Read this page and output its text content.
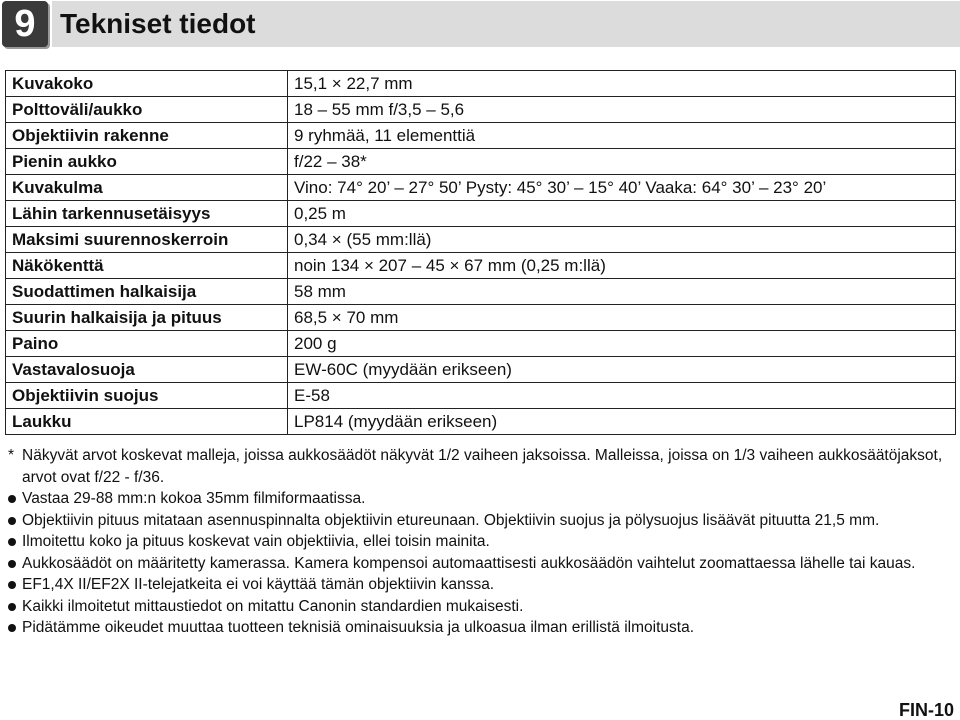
9 Tekniset tiedot
Kuvakoko	15,1 × 22,7 mm
Polttoväli/aukko	18 – 55 mm f/3,5 – 5,6
Objektiivin rakenne	9 ryhmää, 11 elementtiä
Pienin aukko	f/22 – 38*
Kuvakulma	Vino: 74° 20’ – 27° 50’ Pysty: 45° 30’ – 15° 40’ Vaaka: 64° 30’ – 23° 20’
Lähin tarkennusetäisyys	0,25 m
Maksimi suurennoskerroin	0,34 × (55 mm:llä)
Näkökenttä	noin 134 × 207 – 45 × 67 mm (0,25 m:llä)
Suodattimen halkaisija	58 mm
Suurin halkaisija ja pituus	68,5 × 70 mm
Paino	200 g
Vastavalosuoja	EW-60C (myydään erikseen)
Objektiivin suojus	E-58
Laukku	LP814 (myydään erikseen)
* Näkyvät arvot koskevat malleja, joissa aukkosäädöt näkyvät 1/2 vaiheen jaksoissa. Malleissa, joissa on 1/3 vaiheen aukkosäätöjaksot, arvot ovat f/22 - f/36.
Vastaa 29-88 mm:n kokoa 35mm filmiformaatissa.
Objektiivin pituus mitataan asennuspinnalta objektiivin etureunaan. Objektiivin suojus ja pölysuojus lisäävät pituutta 21,5 mm.
Ilmoitettu koko ja pituus koskevat vain objektiivia, ellei toisin mainita.
Aukkosäädöt on määritetty kamerassa. Kamera kompensoi automaattisesti aukkosäädön vaihtelut zoomattaessa lähelle tai kauas.
EF1,4X II/EF2X II-telejatkeita ei voi käyttää tämän objektiivin kanssa.
Kaikki ilmoitetut mittaustiedot on mitattu Canonin standardien mukaisesti.
Pidätämme oikeudet muuttaa tuotteen teknisiä ominaisuuksia ja ulkoasua ilman erillistä ilmoitusta.
FIN-10
